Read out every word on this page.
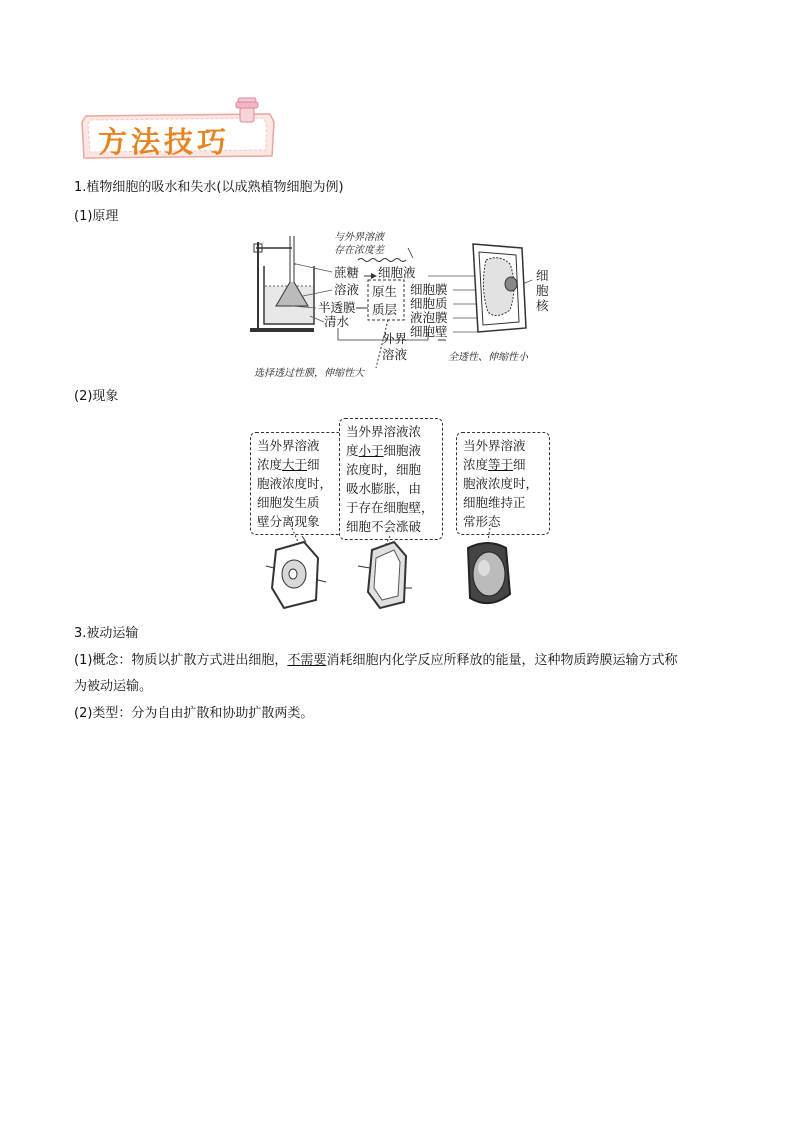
方法技巧
1.植物细胞的吸水和失水(以成熟植物细胞为例)
(1)原理
与外界溶液
存在浓度差
蔗糖 细胞液
溶液 原生
质层
半透膜
清水
细胞膜
细胞质
液泡膜
细胞壁
外界
溶液
细
胞
核
全透性、伸缩性小
选择透过性膜，伸缩性大
(2)现象
当外界溶液
浓度大于细
胞液浓度时，
细胞发生质
壁分离现象
当外界溶液浓
度小于细胞液
浓度时，细胞
吸水膨胀，由
于存在细胞壁，
细胞不会涨破
当外界溶液
浓度等于细
胞液浓度时，
细胞维持正
常形态
3.被动运输
(1)概念：物质以扩散方式进出细胞，不需要消耗细胞内化学反应所释放的能量，这种物质跨膜运输方式称
为被动运输。
(2)类型：分为自由扩散和协助扩散两类。
